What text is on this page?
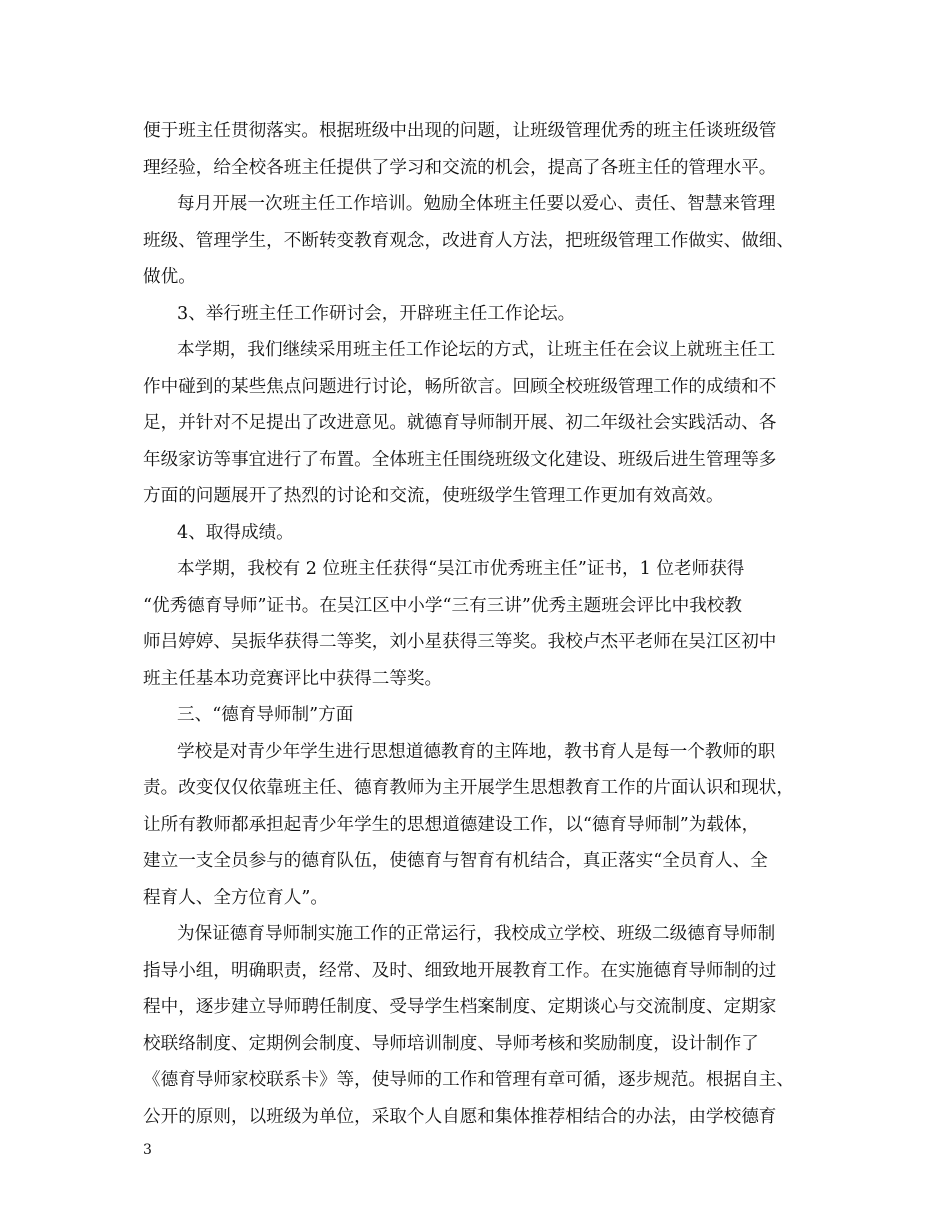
便于班主任贯彻落实。根据班级中出现的问题，让班级管理优秀的班主任谈班级管
理经验，给全校各班主任提供了学习和交流的机会，提高了各班主任的管理水平。
每月开展一次班主任工作培训。勉励全体班主任要以爱心、责任、智慧来管理
班级、管理学生，不断转变教育观念，改进育人方法，把班级管理工作做实、做细、
做优。
3、举行班主任工作研讨会，开辟班主任工作论坛。
本学期，我们继续采用班主任工作论坛的方式，让班主任在会议上就班主任工
作中碰到的某些焦点问题进行讨论，畅所欲言。回顾全校班级管理工作的成绩和不
足，并针对不足提出了改进意见。就德育导师制开展、初二年级社会实践活动、各
年级家访等事宜进行了布置。全体班主任围绕班级文化建设、班级后进生管理等多
方面的问题展开了热烈的讨论和交流，使班级学生管理工作更加有效高效。
4、取得成绩。
本学期，我校有 2 位班主任获得“吴江市优秀班主任”证书，1 位老师获得
“优秀德育导师”证书。在吴江区中小学“三有三讲”优秀主题班会评比中我校教
师吕婷婷、吴振华获得二等奖，刘小星获得三等奖。我校卢杰平老师在吴江区初中
班主任基本功竞赛评比中获得二等奖。
三、“德育导师制”方面
学校是对青少年学生进行思想道德教育的主阵地，教书育人是每一个教师的职
责。改变仅仅依靠班主任、德育教师为主开展学生思想教育工作的片面认识和现状，
让所有教师都承担起青少年学生的思想道德建设工作，以“德育导师制”为载体，
建立一支全员参与的德育队伍，使德育与智育有机结合，真正落实“全员育人、全
程育人、全方位育人”。
为保证德育导师制实施工作的正常运行，我校成立学校、班级二级德育导师制
指导小组，明确职责，经常、及时、细致地开展教育工作。在实施德育导师制的过
程中，逐步建立导师聘任制度、受导学生档案制度、定期谈心与交流制度、定期家
校联络制度、定期例会制度、导师培训制度、导师考核和奖励制度，设计制作了
《德育导师家校联系卡》等，使导师的工作和管理有章可循，逐步规范。根据自主、
公开的原则，以班级为单位，采取个人自愿和集体推荐相结合的办法，由学校德育
3
